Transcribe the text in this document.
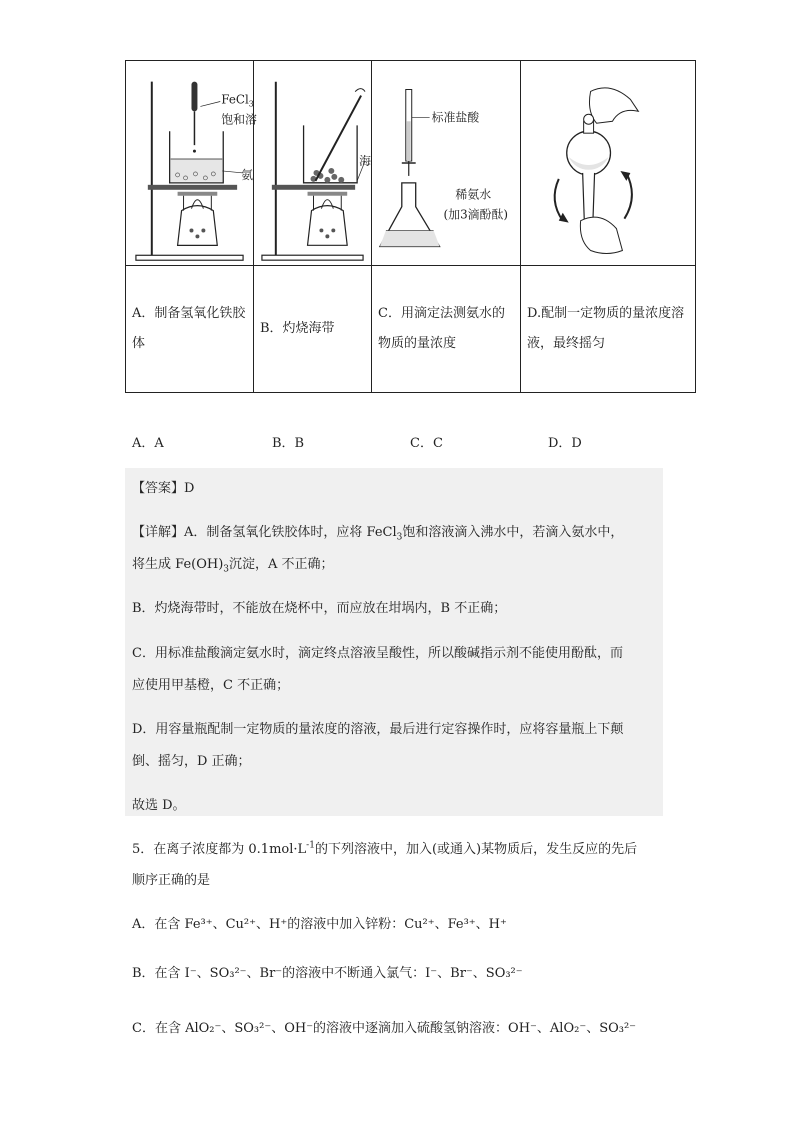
FeCl$_3$
饱和溶
氨	海	标准盐酸
稀氨水
(加3滴酚酞)

A．制备氢氧化铁胶体	B．灼烧海带	C．用滴定法测氨水的物质的量浓度	D.配制一定物质的量浓度溶液，最终摇匀
A．A	B．B	C．C	D．D
【答案】D
【详解】A．制备氢氧化铁胶体时，应将 FeCl$_3$饱和溶液滴入沸水中，若滴入氨水中，
将生成 $Fe(OH)_3$沉淀，A 不正确；
B．灼烧海带时，不能放在烧杯中，而应放在坩埚内，B 不正确；
C．用标准盐酸滴定氨水时，滴定终点溶液呈酸性，所以酸碱指示剂不能使用酚酞，而
应使用甲基橙，C 不正确；
D．用容量瓶配制一定物质的量浓度的溶液，最后进行定容操作时，应将容量瓶上下颠
倒、摇匀，D 正确；
故选 D。
5．在离子浓度都为 $0.1mol\cdot L^{-1}$的下列溶液中，加入(或通入)某物质后，发生反应的先后
顺序正确的是
A．在含 Fe³⁺、Cu²⁺、H⁺的溶液中加入锌粉：Cu²⁺、Fe³⁺、H⁺
B．在含 I⁻、SO₃²⁻、Br⁻的溶液中不断通入氯气：I⁻、Br⁻、SO₃²⁻
C．在含 AlO₂⁻、SO₃²⁻、OH⁻的溶液中逐滴加入硫酸氢钠溶液：OH⁻、AlO₂⁻、SO₃²⁻
